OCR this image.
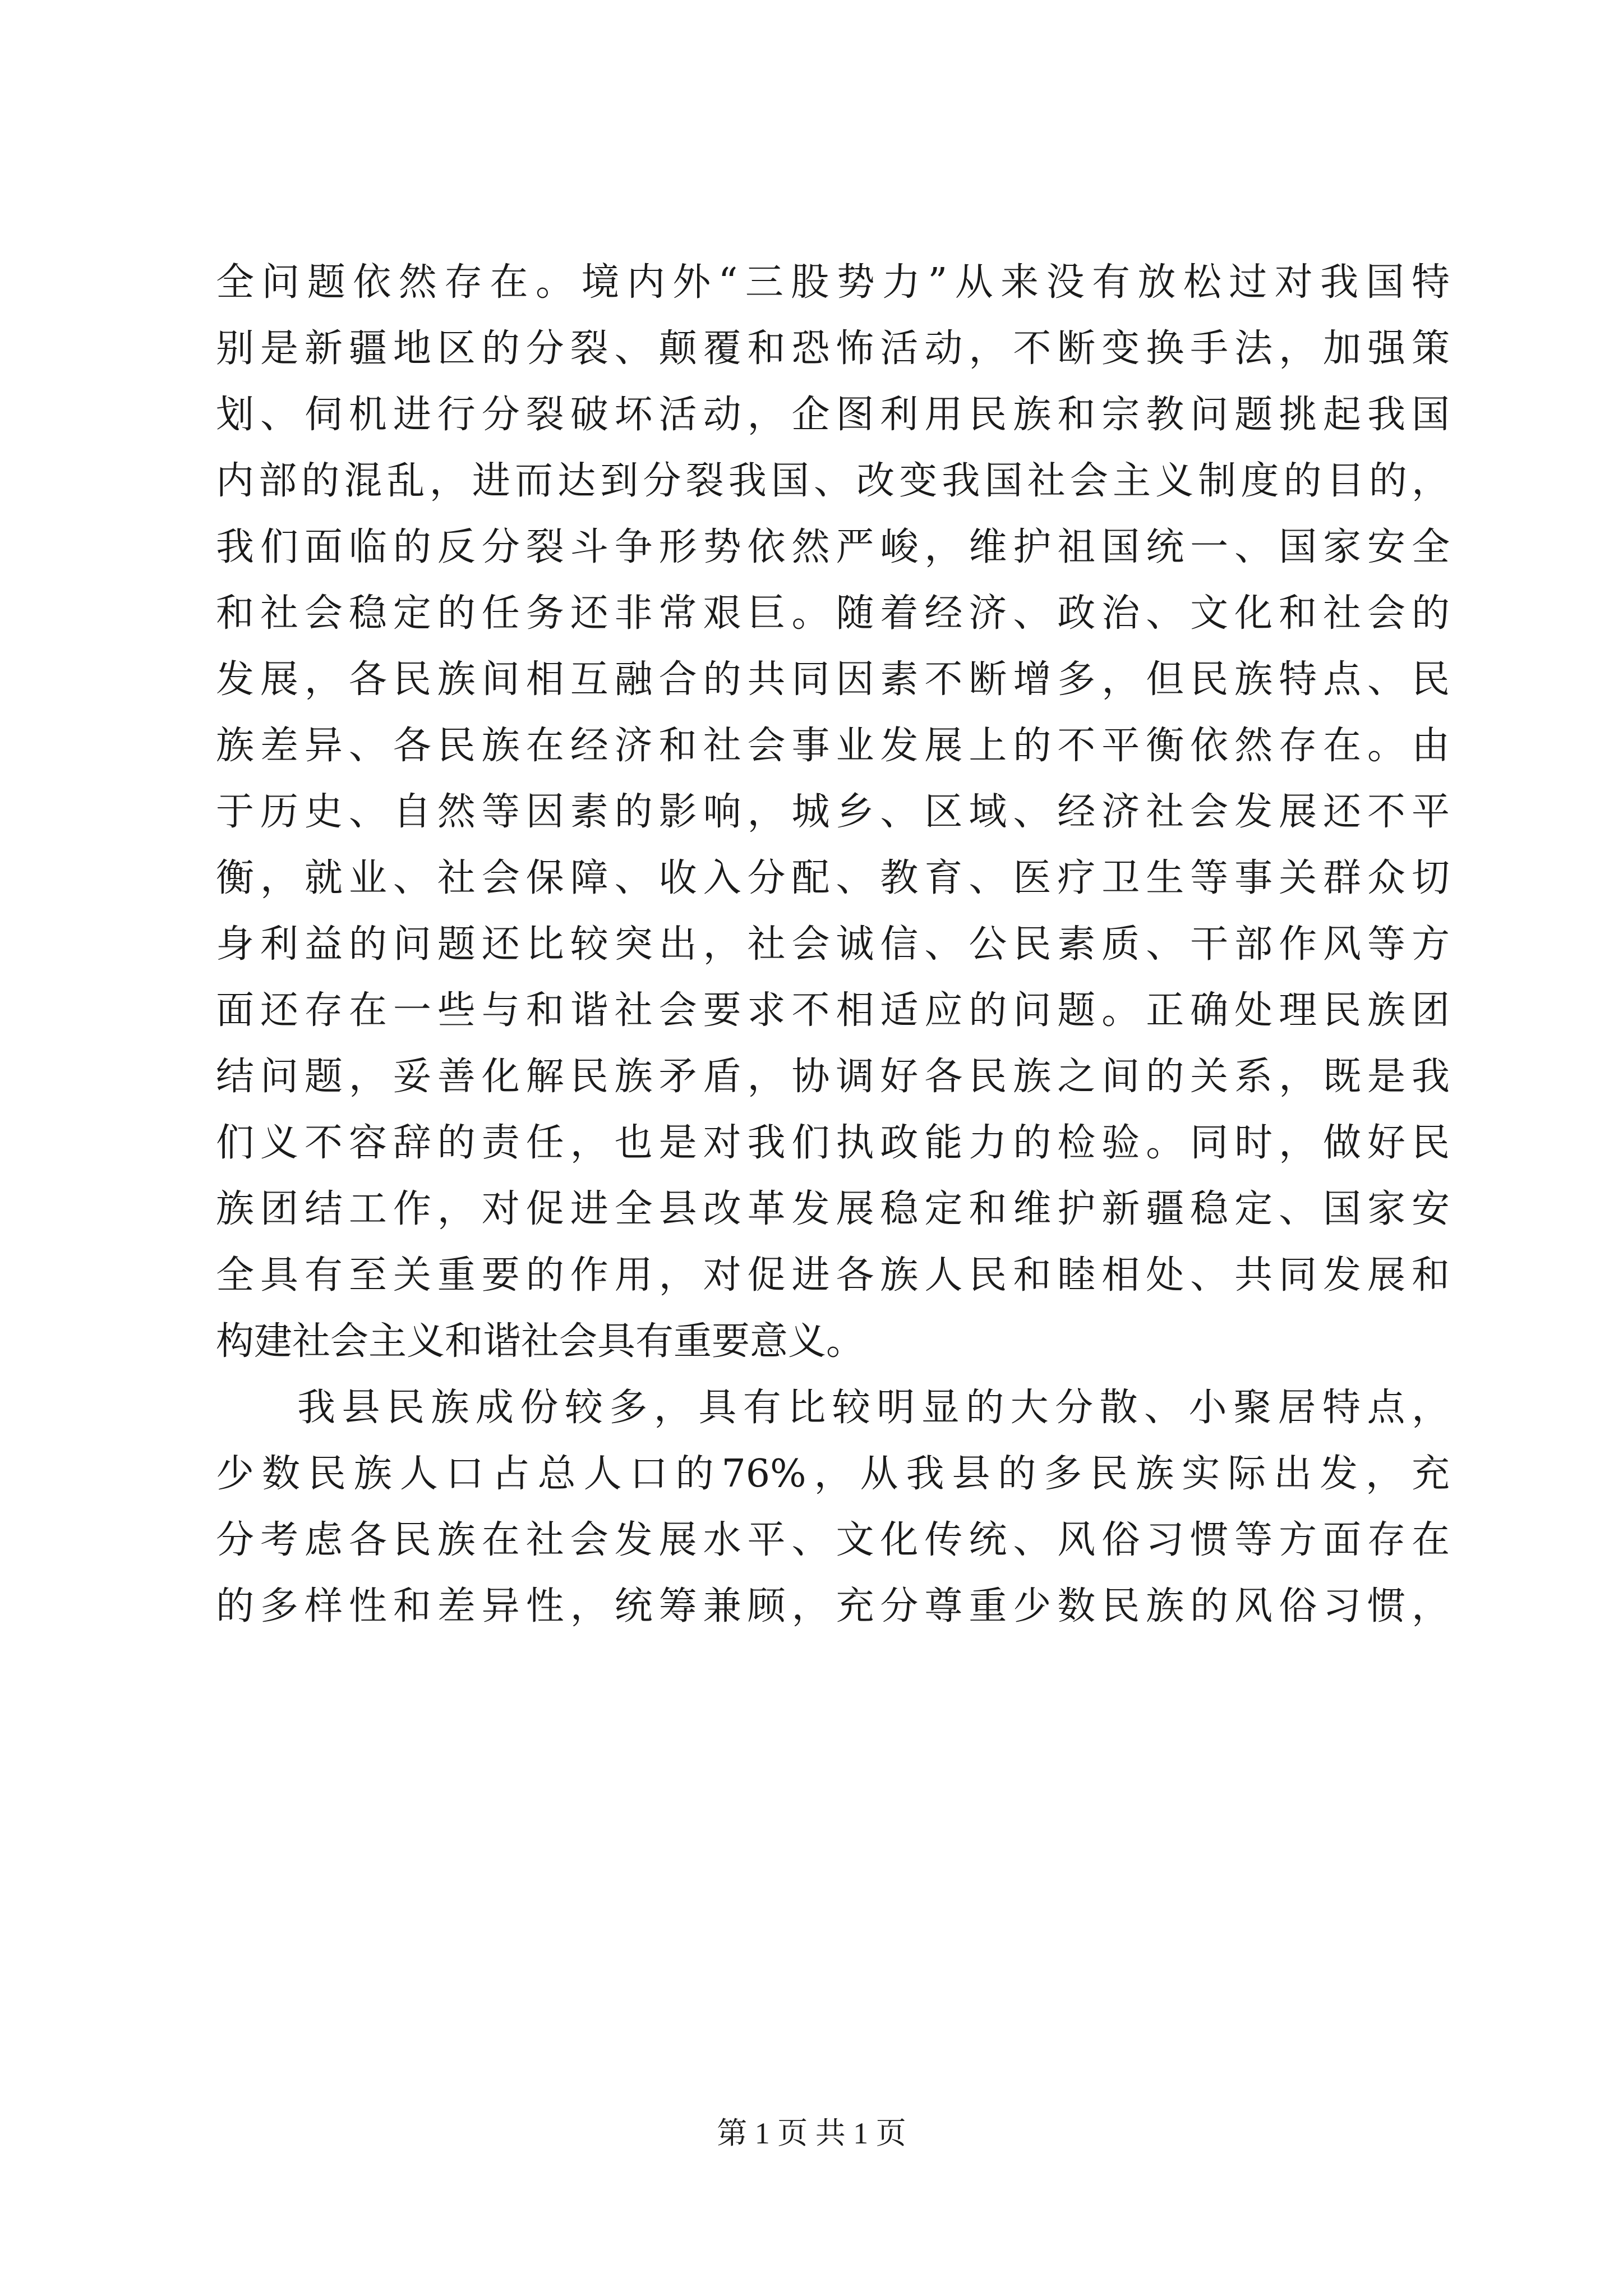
全问题依然存在。境内外“三股势力”从来没有放松过对我国特
别是新疆地区的分裂、颠覆和恐怖活动，不断变换手法，加强策
划、伺机进行分裂破坏活动，企图利用民族和宗教问题挑起我国
内部的混乱，进而达到分裂我国、改变我国社会主义制度的目的，
我们面临的反分裂斗争形势依然严峻，维护祖国统一、国家安全
和社会稳定的任务还非常艰巨。随着经济、政治、文化和社会的
发展，各民族间相互融合的共同因素不断增多，但民族特点、民
族差异、各民族在经济和社会事业发展上的不平衡依然存在。由
于历史、自然等因素的影响，城乡、区域、经济社会发展还不平
衡，就业、社会保障、收入分配、教育、医疗卫生等事关群众切
身利益的问题还比较突出，社会诚信、公民素质、干部作风等方
面还存在一些与和谐社会要求不相适应的问题。正确处理民族团
结问题，妥善化解民族矛盾，协调好各民族之间的关系，既是我
们义不容辞的责任，也是对我们执政能力的检验。同时，做好民
族团结工作，对促进全县改革发展稳定和维护新疆稳定、国家安
全具有至关重要的作用，对促进各族人民和睦相处、共同发展和
构建社会主义和谐社会具有重要意义。
我县民族成份较多，具有比较明显的大分散、小聚居特点，
少数民族人口占总人口的76%，从我县的多民族实际出发，充
分考虑各民族在社会发展水平、文化传统、风俗习惯等方面存在
的多样性和差异性，统筹兼顾，充分尊重少数民族的风俗习惯，
第 1 页 共 1 页
